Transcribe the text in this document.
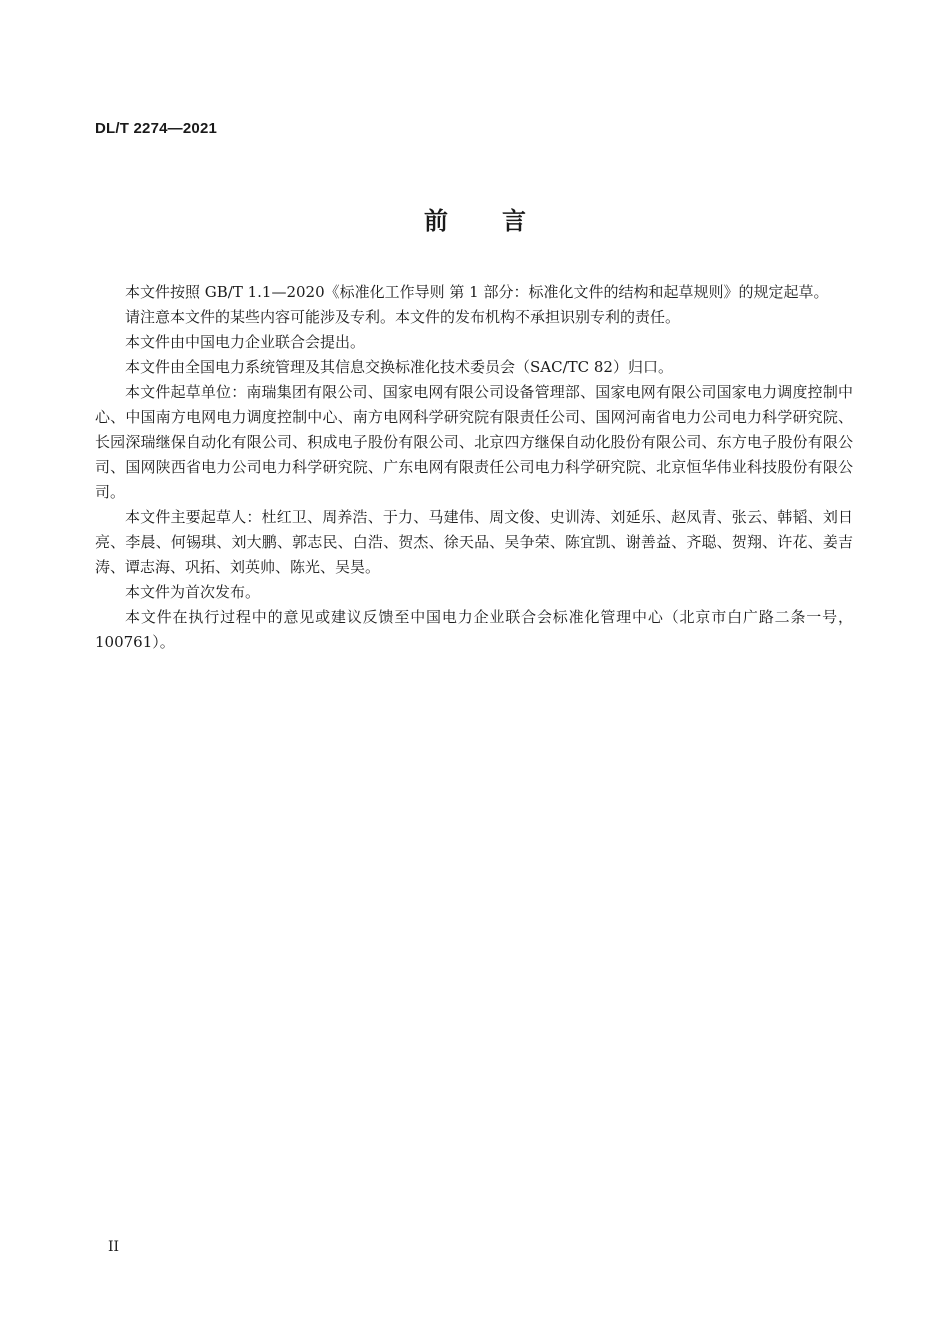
DL/T 2274—2021
前 言

本文件按照 GB/T 1.1—2020《标准化工作导则 第 1 部分：标准化文件的结构和起草规则》的规定起草。

请注意本文件的某些内容可能涉及专利。本文件的发布机构不承担识别专利的责任。

本文件由中国电力企业联合会提出。

本文件由全国电力系统管理及其信息交换标准化技术委员会（SAC/TC 82）归口。

本文件起草单位：南瑞集团有限公司、国家电网有限公司设备管理部、国家电网有限公司国家电力调度控制中心、中国南方电网电力调度控制中心、南方电网科学研究院有限责任公司、国网河南省电力公司电力科学研究院、长园深瑞继保自动化有限公司、积成电子股份有限公司、北京四方继保自动化股份有限公司、东方电子股份有限公司、国网陕西省电力公司电力科学研究院、广东电网有限责任公司电力科学研究院、北京恒华伟业科技股份有限公司。

本文件主要起草人：杜红卫、周养浩、于力、马建伟、周文俊、史训涛、刘延乐、赵凤青、张云、韩韬、刘日亮、李晨、何锡琪、刘大鹏、郭志民、白浩、贺杰、徐天品、吴争荣、陈宜凯、谢善益、齐聪、贺翔、许花、姜吉涛、谭志海、巩拓、刘英帅、陈光、吴昊。

本文件为首次发布。

本文件在执行过程中的意见或建议反馈至中国电力企业联合会标准化管理中心（北京市白广路二条一号，100761）。

II
